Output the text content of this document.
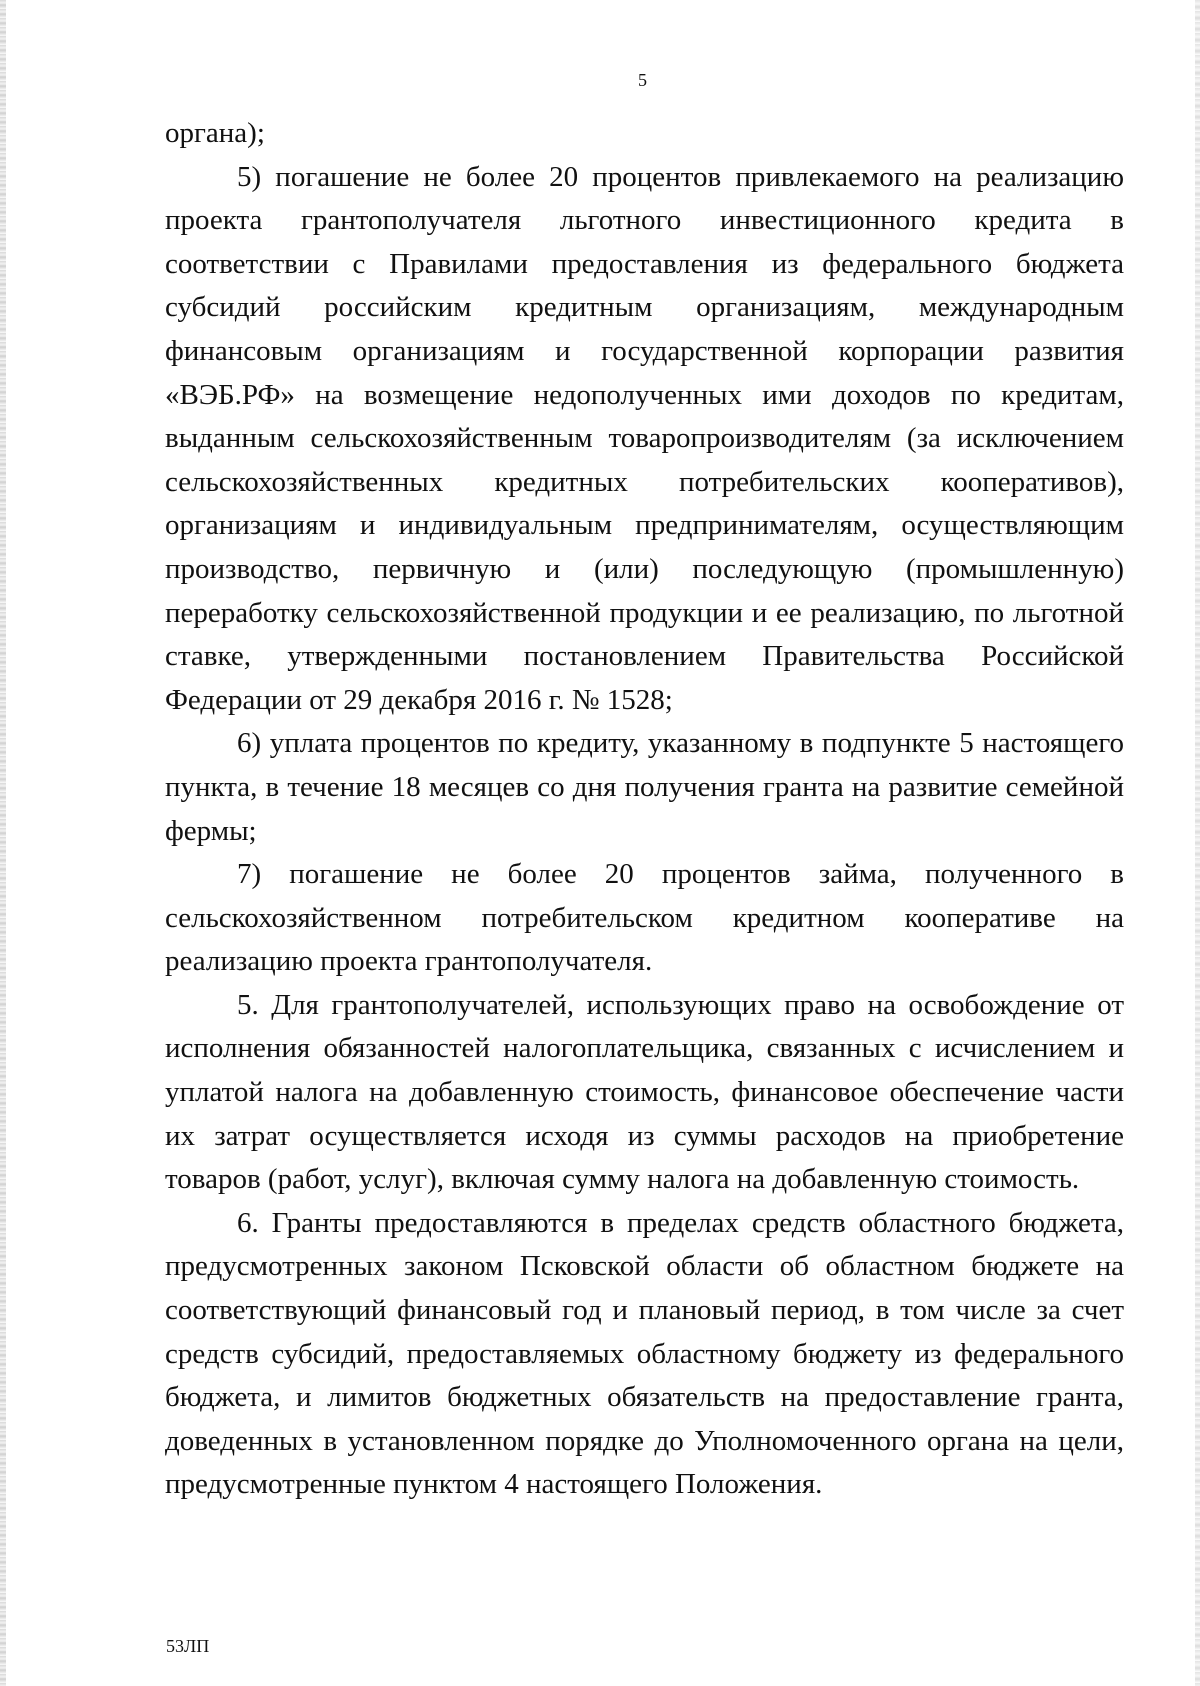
5

органа);

5) погашение не более 20 процентов привлекаемого на реализацию проекта грантополучателя льготного инвестиционного кредита в соответствии с Правилами предоставления из федерального бюджета субсидий российским кредитным организациям, международным финансовым организациям и государственной корпорации развития «ВЭБ.РФ» на возмещение недополученных ими доходов по кредитам, выданным сельскохозяйственным товаропроизводителям (за исключением сельскохозяйственных кредитных потребительских кооперативов), организациям и индивидуальным предпринимателям, осуществляющим производство, первичную и (или) последующую (промышленную) переработку сельскохозяйственной продукции и ее реализацию, по льготной ставке, утвержденными постановлением Правительства Российской Федерации от 29 декабря 2016 г. № 1528;

6) уплата процентов по кредиту, указанному в подпункте 5 настоящего пункта, в течение 18 месяцев со дня получения гранта на развитие семейной фермы;

7) погашение не более 20 процентов займа, полученного в сельскохозяйственном потребительском кредитном кооперативе на реализацию проекта грантополучателя.

5. Для грантополучателей, использующих право на освобождение от исполнения обязанностей налогоплательщика, связанных с исчислением и уплатой налога на добавленную стоимость, финансовое обеспечение части их затрат осуществляется исходя из суммы расходов на приобретение товаров (работ, услуг), включая сумму налога на добавленную стоимость.

6. Гранты предоставляются в пределах средств областного бюджета, предусмотренных законом Псковской области об областном бюджете на соответствующий финансовый год и плановый период, в том числе за счет средств субсидий, предоставляемых областному бюджету из федерального бюджета, и лимитов бюджетных обязательств на предоставление гранта, доведенных в установленном порядке до Уполномоченного органа на цели, предусмотренные пунктом 4 настоящего Положения.

53ЛП
